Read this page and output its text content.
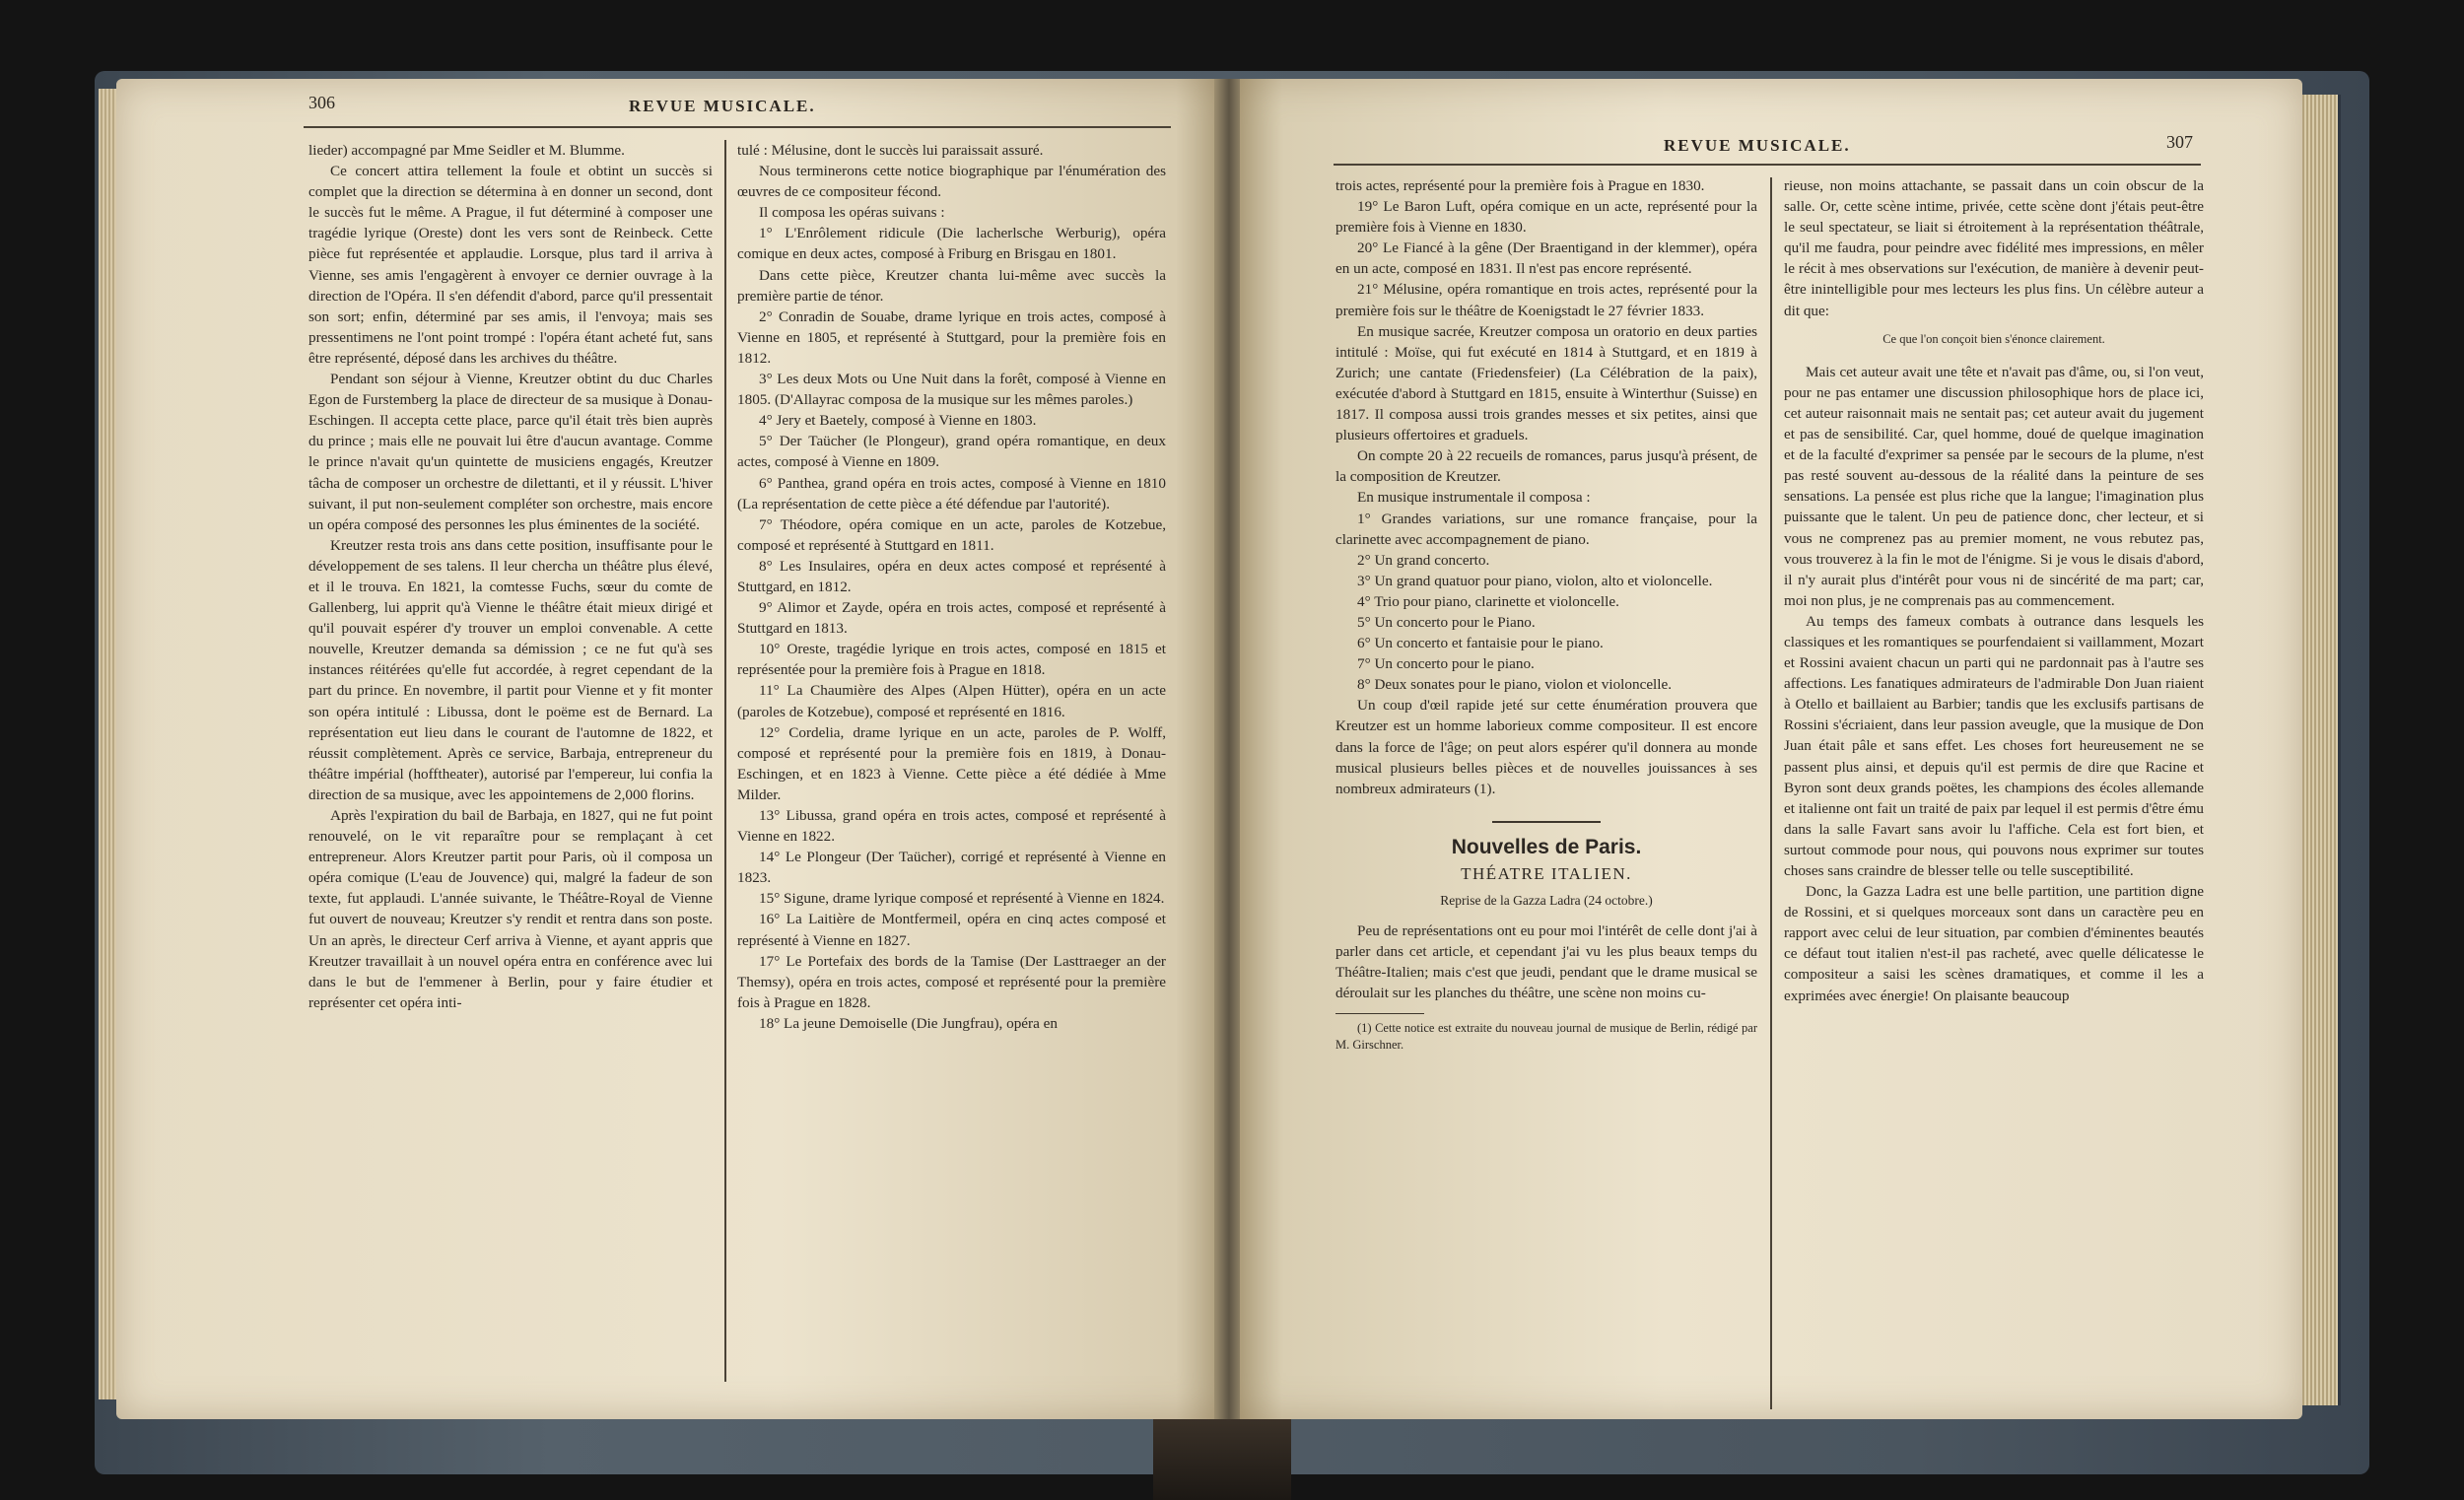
306	REVUE MUSICALE.

lieder) accompagné par Mme Seidler et M. Blumme.

Ce concert attira tellement la foule et obtint un succès si complet que la direction se détermina à en donner un second, dont le succès fut le même. A Prague, il fut déterminé à composer une tragédie lyrique (Oreste) dont les vers sont de Reinbeck. Cette pièce fut représentée et applaudie. Lorsque, plus tard il arriva à Vienne, ses amis l'engagèrent à envoyer ce dernier ouvrage à la direction de l'Opéra. Il s'en défendit d'abord, parce qu'il pressentait son sort; enfin, déterminé par ses amis, il l'envoya; mais ses pressentimens ne l'ont point trompé : l'opéra étant acheté fut, sans être représenté, déposé dans les archives du théâtre.

Pendant son séjour à Vienne, Kreutzer obtint du duc Charles Egon de Furstemberg la place de directeur de sa musique à Donau-Eschingen. Il accepta cette place, parce qu'il était très bien auprès du prince ; mais elle ne pouvait lui être d'aucun avantage. Comme le prince n'avait qu'un quintette de musiciens engagés, Kreutzer tâcha de composer un orchestre de dilettanti, et il y réussit. L'hiver suivant, il put non-seulement compléter son orchestre, mais encore un opéra composé des personnes les plus éminentes de la société.

Kreutzer resta trois ans dans cette position, insuffisante pour le développement de ses talens. Il leur chercha un théâtre plus élevé, et il le trouva. En 1821, la comtesse Fuchs, sœur du comte de Gallenberg, lui apprit qu'à Vienne le théâtre était mieux dirigé et qu'il pouvait espérer d'y trouver un emploi convenable. A cette nouvelle, Kreutzer demanda sa démission ; ce ne fut qu'à ses instances réitérées qu'elle fut accordée, à regret cependant de la part du prince. En novembre, il partit pour Vienne et y fit monter son opéra intitulé : Libussa, dont le poëme est de Bernard. La représentation eut lieu dans le courant de l'automne de 1822, et réussit complètement. Après ce service, Barbaja, entrepreneur du théâtre impérial (hofftheater), autorisé par l'empereur, lui confia la direction de sa musique, avec les appointemens de 2,000 florins.

Après l'expiration du bail de Barbaja, en 1827, qui ne fut point renouvelé, on le vit reparaître pour se remplaçant à cet entrepreneur. Alors Kreutzer partit pour Paris, où il composa un opéra comique (L'eau de Jouvence) qui, malgré la fadeur de son texte, fut applaudi. L'année suivante, le Théâtre-Royal de Vienne fut ouvert de nouveau; Kreutzer s'y rendit et rentra dans son poste. Un an après, le directeur Cerf arriva à Vienne, et ayant appris que Kreutzer travaillait à un nouvel opéra entra en conférence avec lui dans le but de l'emmener à Berlin, pour y faire étudier et représenter cet opéra inti-

tulé : Mélusine, dont le succès lui paraissait assuré.

Nous terminerons cette notice biographique par l'énumération des œuvres de ce compositeur fécond.

Il composa les opéras suivans :

1° L'Enrôlement ridicule (Die lacherlsche Werburig), opéra comique en deux actes, composé à Friburg en Brisgau en 1801.

Dans cette pièce, Kreutzer chanta lui-même avec succès la première partie de ténor.

2° Conradin de Souabe, drame lyrique en trois actes, composé à Vienne en 1805, et représenté à Stuttgard, pour la première fois en 1812.

3° Les deux Mots ou Une Nuit dans la forêt, composé à Vienne en 1805. (D'Allayrac composa de la musique sur les mêmes paroles.)

4° Jery et Baetely, composé à Vienne en 1803.

5° Der Taücher (le Plongeur), grand opéra romantique, en deux actes, composé à Vienne en 1809.

6° Panthea, grand opéra en trois actes, composé à Vienne en 1810 (La représentation de cette pièce a été défendue par l'autorité).

7° Théodore, opéra comique en un acte, paroles de Kotzebue, composé et représenté à Stuttgard en 1811.

8° Les Insulaires, opéra en deux actes composé et représenté à Stuttgard, en 1812.

9° Alimor et Zayde, opéra en trois actes, composé et représenté à Stuttgard en 1813.

10° Oreste, tragédie lyrique en trois actes, composé en 1815 et représentée pour la première fois à Prague en 1818.

11° La Chaumière des Alpes (Alpen Hütter), opéra en un acte (paroles de Kotzebue), composé et représenté en 1816.

12° Cordelia, drame lyrique en un acte, paroles de P. Wolff, composé et représenté pour la première fois en 1819, à Donau-Eschingen, et en 1823 à Vienne. Cette pièce a été dédiée à Mme Milder.

13° Libussa, grand opéra en trois actes, composé et représenté à Vienne en 1822.

14° Le Plongeur (Der Taücher), corrigé et représenté à Vienne en 1823.

15° Sigune, drame lyrique composé et représenté à Vienne en 1824.

16° La Laitière de Montfermeil, opéra en cinq actes composé et représenté à Vienne en 1827.

17° Le Portefaix des bords de la Tamise (Der Lasttraeger an der Themsy), opéra en trois actes, composé et représenté pour la première fois à Prague en 1828.

18° La jeune Demoiselle (Die Jungfrau), opéra en

REVUE MUSICALE.	307

trois actes, représenté pour la première fois à Prague en 1830.

19° Le Baron Luft, opéra comique en un acte, représenté pour la première fois à Vienne en 1830.

20° Le Fiancé à la gêne (Der Braentigand in der klemmer), opéra en un acte, composé en 1831. Il n'est pas encore représenté.

21° Mélusine, opéra romantique en trois actes, représenté pour la première fois sur le théâtre de Koenigstadt le 27 février 1833.

En musique sacrée, Kreutzer composa un oratorio en deux parties intitulé : Moïse, qui fut exécuté en 1814 à Stuttgard, et en 1819 à Zurich; une cantate (Friedensfeier) (La Célébration de la paix), exécutée d'abord à Stuttgard en 1815, ensuite à Winterthur (Suisse) en 1817. Il composa aussi trois grandes messes et six petites, ainsi que plusieurs offertoires et graduels.

On compte 20 à 22 recueils de romances, parus jusqu'à présent, de la composition de Kreutzer.

En musique instrumentale il composa :

1° Grandes variations, sur une romance française, pour la clarinette avec accompagnement de piano.

2° Un grand concerto.

3° Un grand quatuor pour piano, violon, alto et violoncelle.

4° Trio pour piano, clarinette et violoncelle.

5° Un concerto pour le Piano.

6° Un concerto et fantaisie pour le piano.

7° Un concerto pour le piano.

8° Deux sonates pour le piano, violon et violoncelle.

Un coup d'œil rapide jeté sur cette énumération prouvera que Kreutzer est un homme laborieux comme compositeur. Il est encore dans la force de l'âge; on peut alors espérer qu'il donnera au monde musical plusieurs belles pièces et de nouvelles jouissances à ses nombreux admirateurs (1).

Nouvelles de Paris.
THÉATRE ITALIEN.
Reprise de la Gazza Ladra (24 octobre.)

Peu de représentations ont eu pour moi l'intérêt de celle dont j'ai à parler dans cet article, et cependant j'ai vu les plus beaux temps du Théâtre-Italien; mais c'est que jeudi, pendant que le drame musical se déroulait sur les planches du théâtre, une scène non moins cu-

(1) Cette notice est extraite du nouveau journal de musique de Berlin, rédigé par M. Girschner.

rieuse, non moins attachante, se passait dans un coin obscur de la salle. Or, cette scène intime, privée, cette scène dont j'étais peut-être le seul spectateur, se liait si étroitement à la représentation théâtrale, qu'il me faudra, pour peindre avec fidélité mes impressions, en mêler le récit à mes observations sur l'exécution, de manière à devenir peut-être inintelligible pour mes lecteurs les plus fins. Un célèbre auteur a dit que:

Ce que l'on conçoit bien s'énonce clairement.

Mais cet auteur avait une tête et n'avait pas d'âme, ou, si l'on veut, pour ne pas entamer une discussion philosophique hors de place ici, cet auteur raisonnait mais ne sentait pas; cet auteur avait du jugement et pas de sensibilité. Car, quel homme, doué de quelque imagination et de la faculté d'exprimer sa pensée par le secours de la plume, n'est pas resté souvent au-dessous de la réalité dans la peinture de ses sensations. La pensée est plus riche que la langue; l'imagination plus puissante que le talent. Un peu de patience donc, cher lecteur, et si vous ne comprenez pas au premier moment, ne vous rebutez pas, vous trouverez à la fin le mot de l'énigme. Si je vous le disais d'abord, il n'y aurait plus d'intérêt pour vous ni de sincérité de ma part; car, moi non plus, je ne comprenais pas au commencement.

Au temps des fameux combats à outrance dans lesquels les classiques et les romantiques se pourfendaient si vaillamment, Mozart et Rossini avaient chacun un parti qui ne pardonnait pas à l'autre ses affections. Les fanatiques admirateurs de l'admirable Don Juan riaient à Otello et baillaient au Barbier; tandis que les exclusifs partisans de Rossini s'écriaient, dans leur passion aveugle, que la musique de Don Juan était pâle et sans effet. Les choses fort heureusement ne se passent plus ainsi, et depuis qu'il est permis de dire que Racine et Byron sont deux grands poëtes, les champions des écoles allemande et italienne ont fait un traité de paix par lequel il est permis d'être ému dans la salle Favart sans avoir lu l'affiche. Cela est fort bien, et surtout commode pour nous, qui pouvons nous exprimer sur toutes choses sans craindre de blesser telle ou telle susceptibilité.

Donc, la Gazza Ladra est une belle partition, une partition digne de Rossini, et si quelques morceaux sont dans un caractère peu en rapport avec celui de leur situation, par combien d'éminentes beautés ce défaut tout italien n'est-il pas racheté, avec quelle délicatesse le compositeur a saisi les scènes dramatiques, et comme il les a exprimées avec énergie! On plaisante beaucoup
